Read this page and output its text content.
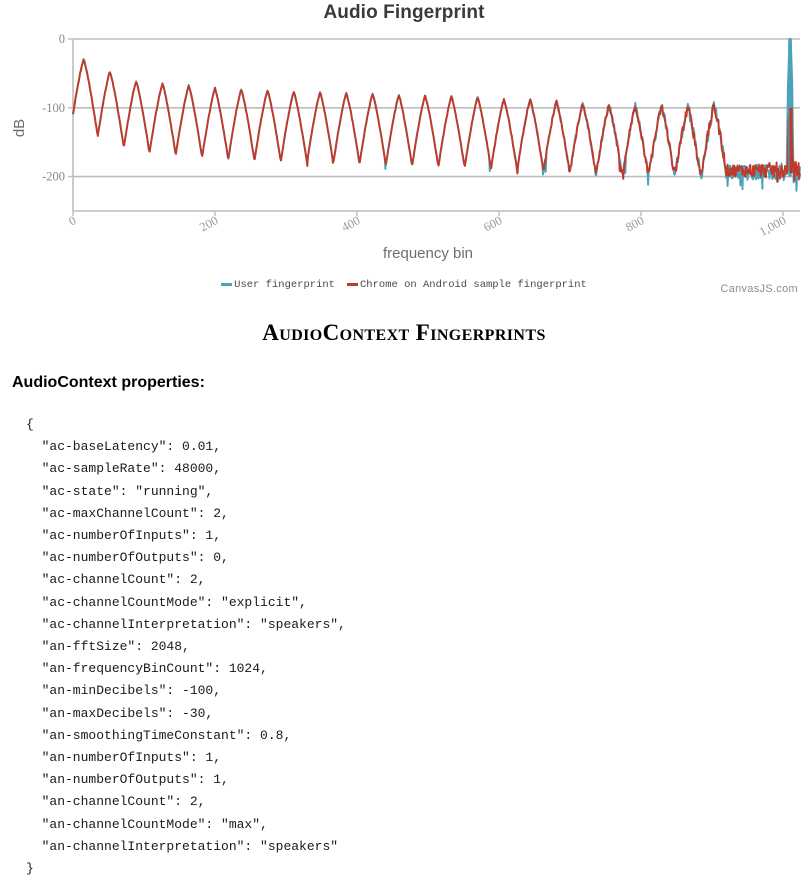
Audio Fingerprint
0
-100
-200
0	200	400	600	800	1,000
dB
frequency bin
User fingerprint Chrome on Android sample fingerprint	CanvasJS.com
AudioContext Fingerprints
AudioContext properties:
{
"ac-baseLatency": 0.01,
"ac-sampleRate": 48000,
"ac-state": "running",
"ac-maxChannelCount": 2,
"ac-numberOfInputs": 1,
"ac-numberOfOutputs": 0,
"ac-channelCount": 2,
"ac-channelCountMode": "explicit",
"ac-channelInterpretation": "speakers",
"an-fftSize": 2048,
"an-frequencyBinCount": 1024,
"an-minDecibels": -100,
"an-maxDecibels": -30,
"an-smoothingTimeConstant": 0.8,
"an-numberOfInputs": 1,
"an-numberOfOutputs": 1,
"an-channelCount": 2,
"an-channelCountMode": "max",
"an-channelInterpretation": "speakers"
}
